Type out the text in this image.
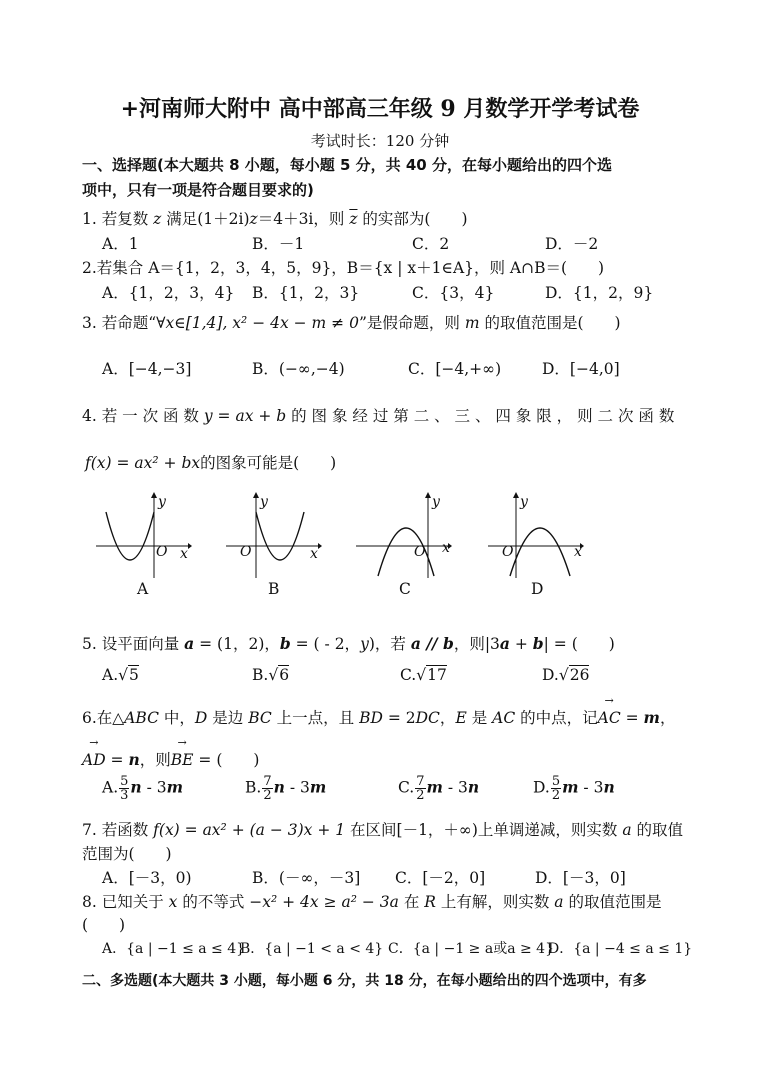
+河南师大附中 高中部高三年级 9 月数学开学考试卷
考试时长：120 分钟
一、选择题(本大题共 8 小题，每小题 5 分，共 40 分，在每小题给出的四个选
项中，只有一项是符合题目要求的)
1. 若复数 z 满足(1＋2i)z＝4＋3i，则 $\overline{z}$ 的实部为(　　)
A．1	B．－1	C．2	D．－2
2.若集合 A＝{1，2，3，4，5，9}，B＝{x | x＋1∈A}，则 A∩B＝(　　)
A．{1，2，3，4} B．{1，2，3}	C．{3，4}	D．{1，2，9}
3. 若命题“∀x∈[1,4], x² − 4x − m ≠ 0”是假命题，则 m 的取值范围是(　　)
A．[−4,−3]	B．(−∞,−4)	C．[−4,+∞)	D．[−4,0]
4. 若 一 次 函 数 y = ax + b 的 图 象 经 过 第 二 、 三 、 四 象 限 ， 则 二 次 函 数
f(x) = ax² + bx的图象可能是(　　)
y
x
O
y
x
O
y
x
O
y
x
O
A	B	C	D
5. 设平面向量 a = (1，2)，b = ( - 2，y)，若 a // b，则|3a + b| = (　　)
A.√5	B.√6	C.√17	D.√26
6.在△ABC 中，D 是边 BC 上一点，且 BD = 2DC，E 是 AC 的中点，记→ AC = m，
→ AD = n，则→ BE = (　　)
A. $\frac{5}{3}$ n - 3m	B. $\frac{7}{2}$ n - 3m	C. $\frac{7}{2}$ m - 3n	D. $\frac{5}{2}$ m - 3n
7. 若函数 f(x) = ax² + (a − 3)x + 1 在区间[－1，＋∞)上单调递减，则实数 a 的取值
范围为(　　)
A．[－3，0)	B．(－∞，－3] C．[－2，0]	D．[－3，0]
8. 已知关于 x 的不等式 −x² + 4x ≥ a² − 3a 在 R 上有解，则实数 a 的取值范围是
(　　)
A．{a | −1 ≤ a ≤ 4}
B．{a | −1 < a < 4} C．{a | −1 ≥ a或a ≥ 4}
D．{a | −4 ≤ a ≤ 1}
二、多选题(本大题共 3 小题，每小题 6 分，共 18 分，在每小题给出的四个选项中，有多
